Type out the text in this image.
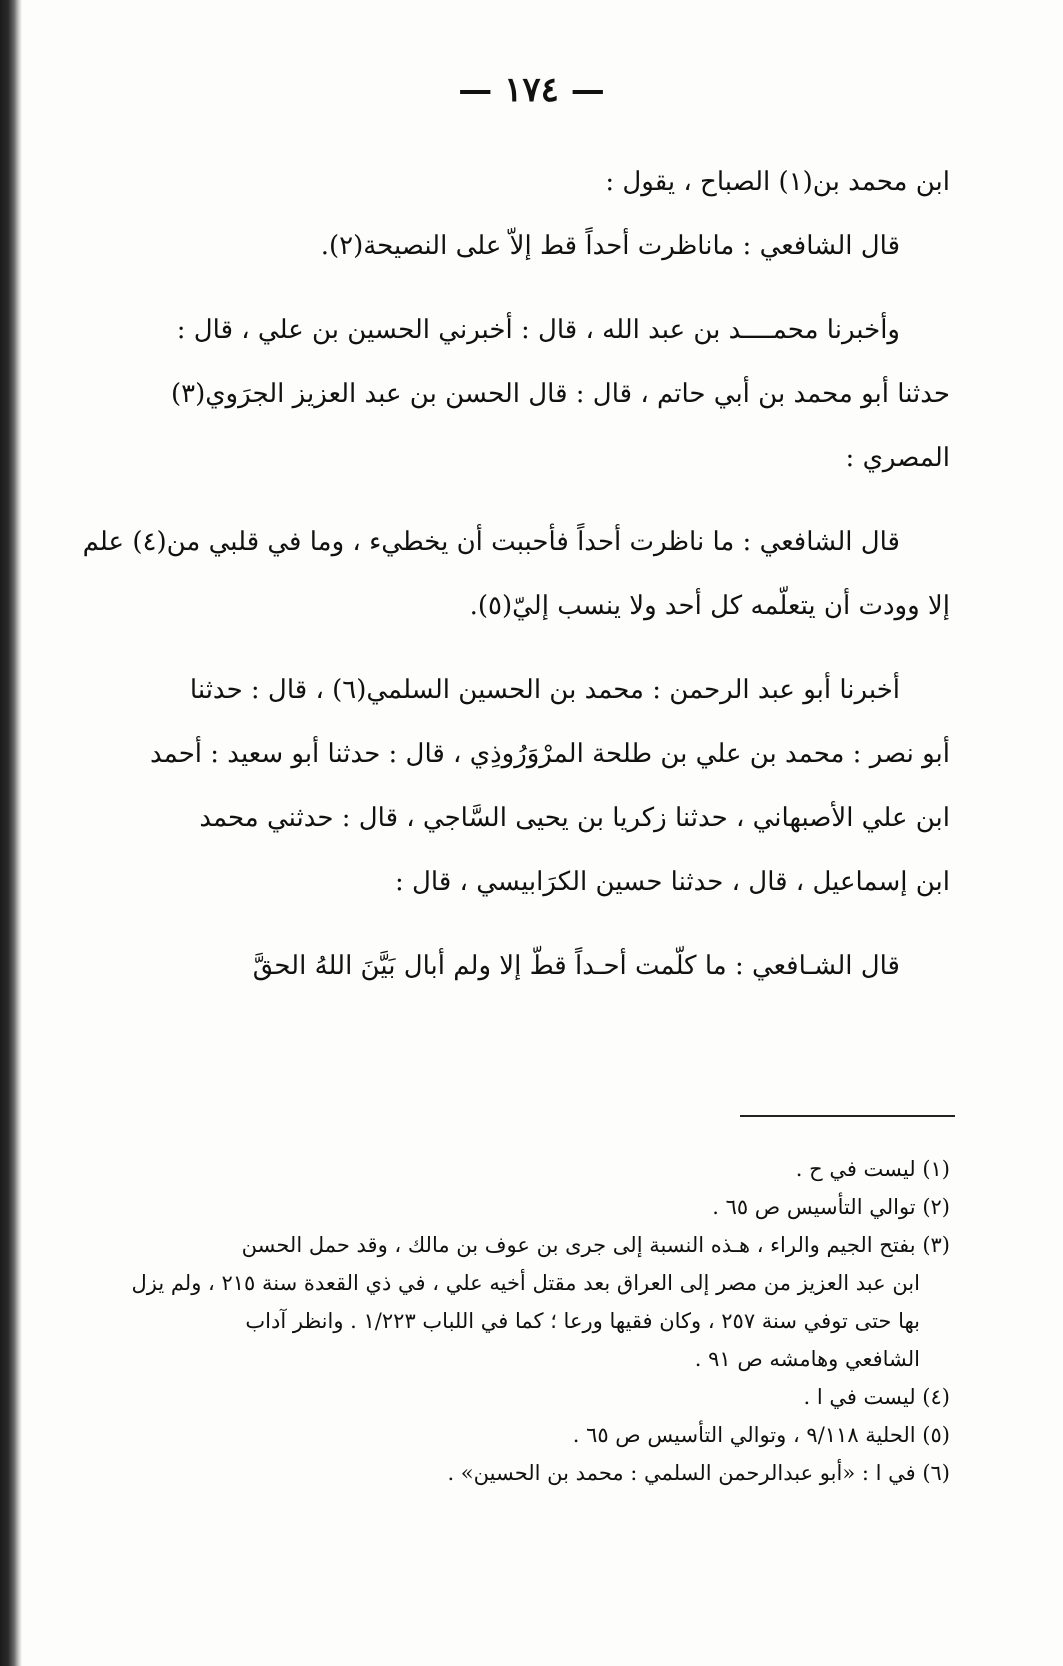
— ١٧٤ —
ابن محمد بن(١) الصباح ، يقول :
قال الشافعي : ماناظرت أحداً قط إلاّ على النصيحة(٢).
وأخبرنا محمــــد بن عبد الله ، قال : أخبرني الحسين بن علي ، قال :
حدثنا أبو محمد بن أبي حاتم ، قال : قال الحسن بن عبد العزيز الجرَوي(٣)
المصري :
قال الشافعي : ما ناظرت أحداً فأحببت أن يخطيء ، وما في قلبي من(٤) علم
إلا وودت أن يتعلّمه كل أحد ولا ينسب إليّ(٥).
أخبرنا أبو عبد الرحمن : محمد بن الحسين السلمي(٦) ، قال : حدثنا
أبو نصر : محمد بن علي بن طلحة المرْوَرُوذِي ، قال : حدثنا أبو سعيد : أحمد
ابن علي الأصبهاني ، حدثنا زكريا بن يحيى السَّاجي ، قال : حدثني محمد
ابن إسماعيل ، قال ، حدثنا حسين الكرَابيسي ، قال :
قال الشـافعي : ما كلّمت أحـداً قطّ إلا ولم أبال بَيَّنَ اللهُ الحقَّ
(١) ليست في ح .
(٢) توالي التأسيس ص ٦٥ .
(٣) بفتح الجيم والراء ، هـذه النسبة إلى جرى بن عوف بن مالك ، وقد حمل الحسن
ابن عبد العزيز من مصر إلى العراق بعد مقتل أخيه علي ، في ذي القعدة سنة ٢١٥ ، ولم يزل
بها حتى توفي سنة ٢٥٧ ، وكان فقيها ورعا ؛ كما في اللباب ١/٢٢٣ . وانظر آداب
الشافعي وهامشه ص ٩١ .
(٤) ليست في ا .
(٥) الحلية ٩/١١٨ ، وتوالي التأسيس ص ٦٥ .
(٦) في ا : «أبو عبدالرحمن السلمي : محمد بن الحسين» .
